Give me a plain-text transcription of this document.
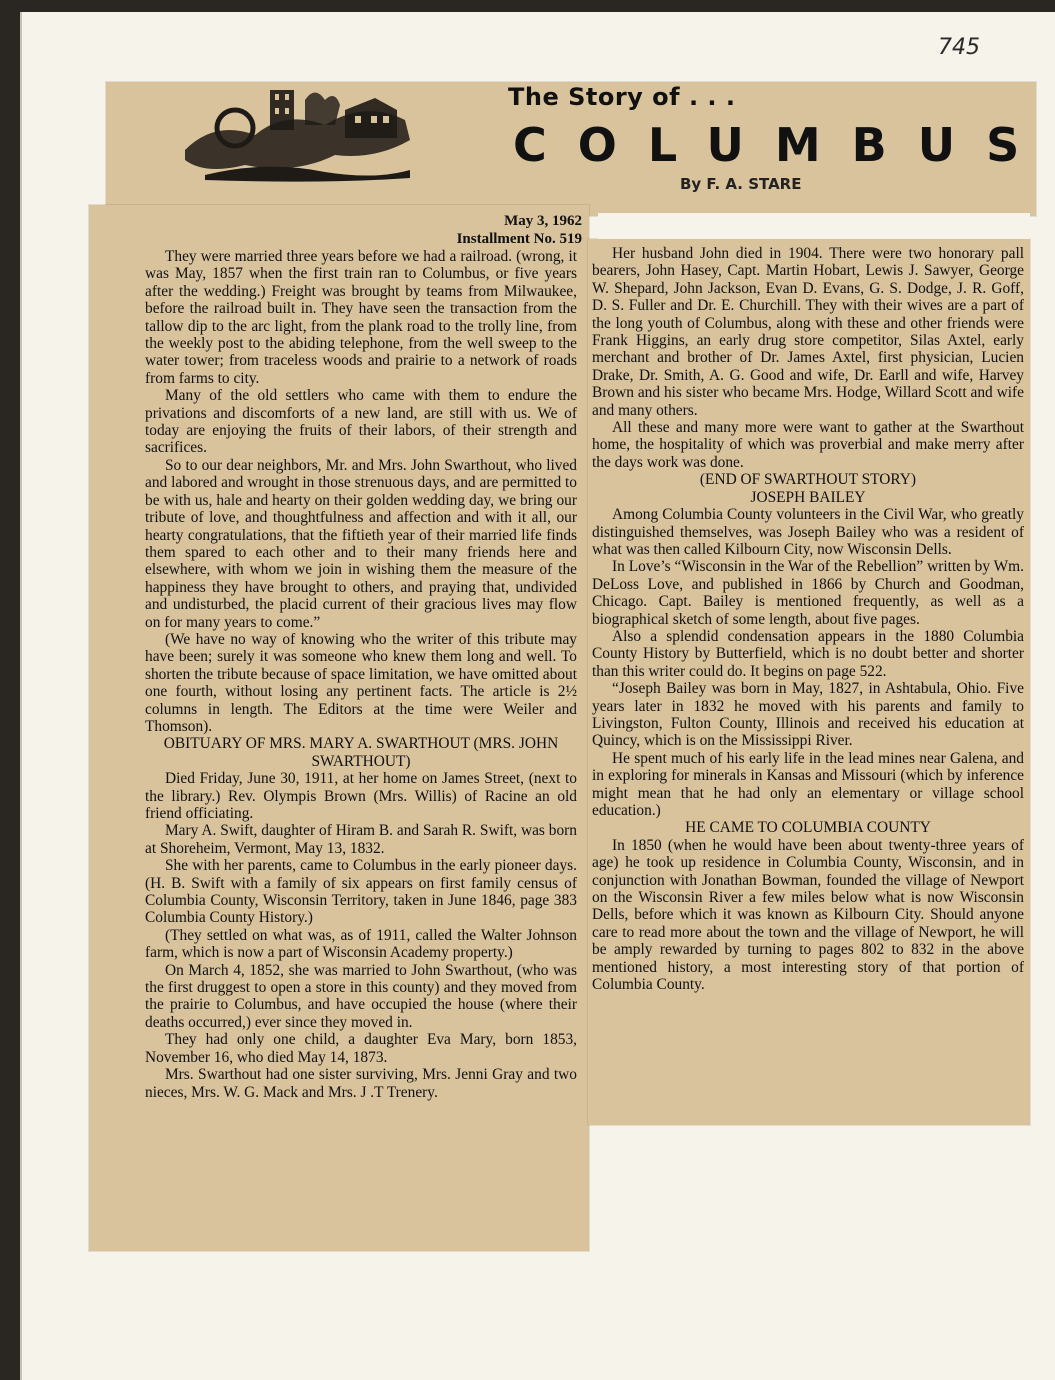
745
The Story of . . .
COLUMBUS
By F. A. STARE
May 3, 1962
Installment No. 519

They were married three years before we had a railroad. (wrong, it was May, 1857 when the first train ran to Columbus, or five years after the wedding.) Freight was brought by teams from Milwaukee, before the railroad built in. They have seen the transaction from the tallow dip to the arc light, from the plank road to the trolly line, from the weekly post to the abiding telephone, from the well sweep to the water tower; from traceless woods and prairie to a network of roads from farms to city.

Many of the old settlers who came with them to endure the privations and discomforts of a new land, are still with us. We of today are enjoying the fruits of their labors, of their strength and sacrifices.

So to our dear neighbors, Mr. and Mrs. John Swarthout, who lived and labored and wrought in those strenuous days, and are permitted to be with us, hale and hearty on their golden wedding day, we bring our tribute of love, and thoughtfulness and affection and with it all, our hearty congratulations, that the fiftieth year of their married life finds them spared to each other and to their many friends here and elsewhere, with whom we join in wishing them the measure of the happiness they have brought to others, and praying that, undivided and undisturbed, the placid current of their gracious lives may flow on for many years to come.”

(We have no way of knowing who the writer of this tribute may have been; surely it was someone who knew them long and well. To shorten the tribute because of space limitation, we have omitted about one fourth, without losing any pertinent facts. The article is 2½ columns in length. The Editors at the time were Weiler and Thomson).

OBITUARY OF MRS. MARY A. SWARTHOUT (MRS. JOHN SWARTHOUT)

Died Friday, June 30, 1911, at her home on James Street, (next to the library.) Rev. Olympis Brown (Mrs. Willis) of Racine an old friend officiating.

Mary A. Swift, daughter of Hiram B. and Sarah R. Swift, was born at Shoreheim, Vermont, May 13, 1832.

She with her parents, came to Columbus in the early pioneer days. (H. B. Swift with a family of six appears on first family census of Columbia County, Wisconsin Territory, taken in June 1846, page 383 Columbia County History.)

(They settled on what was, as of 1911, called the Walter Johnson farm, which is now a part of Wisconsin Academy property.)

On March 4, 1852, she was married to John Swarthout, (who was the first druggest to open a store in this county) and they moved from the prairie to Columbus, and have occupied the house (where their deaths occurred,) ever since they moved in.

They had only one child, a daughter Eva Mary, born 1853, November 16, who died May 14, 1873.

Mrs. Swarthout had one sister surviving, Mrs. Jenni Gray and two nieces, Mrs. W. G. Mack and Mrs. J .T Trenery.

Her husband John died in 1904. There were two honorary pall bearers, John Hasey, Capt. Martin Hobart, Lewis J. Sawyer, George W. Shepard, John Jackson, Evan D. Evans, G. S. Dodge, J. R. Goff, D. S. Fuller and Dr. E. Churchill. They with their wives are a part of the long youth of Columbus, along with these and other friends were Frank Higgins, an early drug store competitor, Silas Axtel, early merchant and brother of Dr. James Axtel, first physician, Lucien Drake, Dr. Smith, A. G. Good and wife, Dr. Earll and wife, Harvey Brown and his sister who became Mrs. Hodge, Willard Scott and wife and many others.

All these and many more were want to gather at the Swarthout home, the hospitality of which was proverbial and make merry after the days work was done.

(END OF SWARTHOUT STORY)

JOSEPH BAILEY

Among Columbia County volunteers in the Civil War, who greatly distinguished themselves, was Joseph Bailey who was a resident of what was then called Kilbourn City, now Wisconsin Dells.

In Love’s “Wisconsin in the War of the Rebellion” written by Wm. DeLoss Love, and published in 1866 by Church and Goodman, Chicago. Capt. Bailey is mentioned frequently, as well as a biographical sketch of some length, about five pages.

Also a splendid condensation appears in the 1880 Columbia County History by Butterfield, which is no doubt better and shorter than this writer could do. It begins on page 522.

“Joseph Bailey was born in May, 1827, in Ashtabula, Ohio. Five years later in 1832 he moved with his parents and family to Livingston, Fulton County, Illinois and received his education at Quincy, which is on the Mississippi River.

He spent much of his early life in the lead mines near Galena, and in exploring for minerals in Kansas and Missouri (which by inference might mean that he had only an elementary or village school education.)

HE CAME TO COLUMBIA COUNTY

In 1850 (when he would have been about twenty-three years of age) he took up residence in Columbia County, Wisconsin, and in conjunction with Jonathan Bowman, founded the village of Newport on the Wisconsin River a few miles below what is now Wisconsin Dells, before which it was known as Kilbourn City. Should anyone care to read more about the town and the village of Newport, he will be amply rewarded by turning to pages 802 to 832 in the above mentioned history, a most interesting story of that portion of Columbia County.
